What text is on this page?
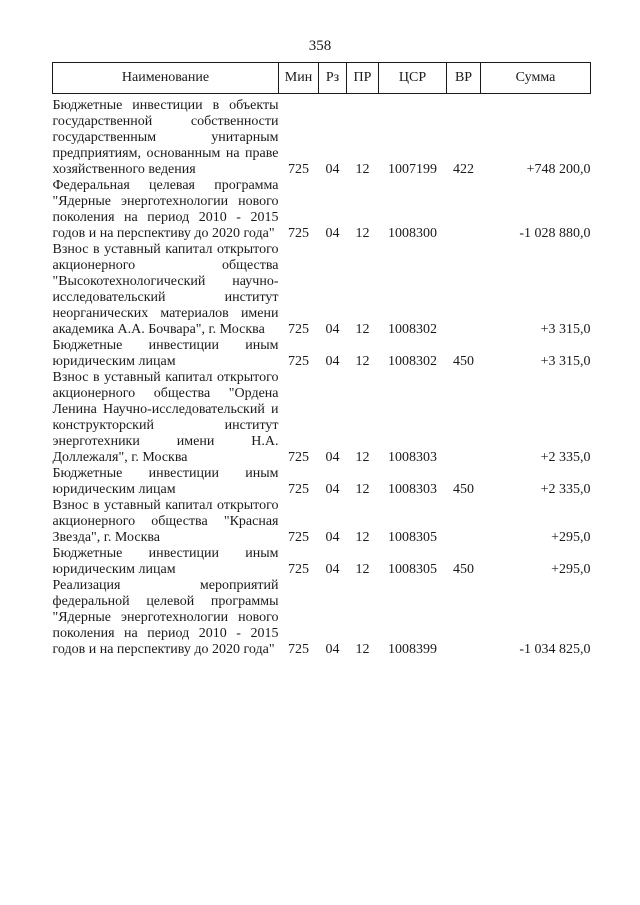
358
Наименование	Мин	Рз	ПР	ЦСР	ВР	Сумма
Бюджетные инвестиции в объекты государственной собственности государственным унитарным предприятиям, основанным на праве хозяйственного ведения	725	04	12	1007199	422	+748 200,0
Федеральная целевая программа "Ядерные энерготехнологии нового поколения на период 2010 - 2015 годов и на перспективу до 2020 года"	725	04	12	1008300		-1 028 880,0
Взнос в уставный капитал открытого акционерного общества "Высокотехнологический научно-исследовательский институт неорганических материалов имени академика А.А. Бочвара", г. Москва	725	04	12	1008302		+3 315,0
Бюджетные инвестиции иным юридическим лицам	725	04	12	1008302	450	+3 315,0
Взнос в уставный капитал открытого акционерного общества "Ордена Ленина Научно-исследовательский и конструкторский институт энерготехники имени Н.А. Доллежаля", г. Москва	725	04	12	1008303		+2 335,0
Бюджетные инвестиции иным юридическим лицам	725	04	12	1008303	450	+2 335,0
Взнос в уставный капитал открытого акционерного общества "Красная Звезда", г. Москва	725	04	12	1008305		+295,0
Бюджетные инвестиции иным юридическим лицам	725	04	12	1008305	450	+295,0
Реализация мероприятий федеральной целевой программы "Ядерные энерготехнологии нового поколения на период 2010 - 2015 годов и на перспективу до 2020 года"	725	04	12	1008399		-1 034 825,0
